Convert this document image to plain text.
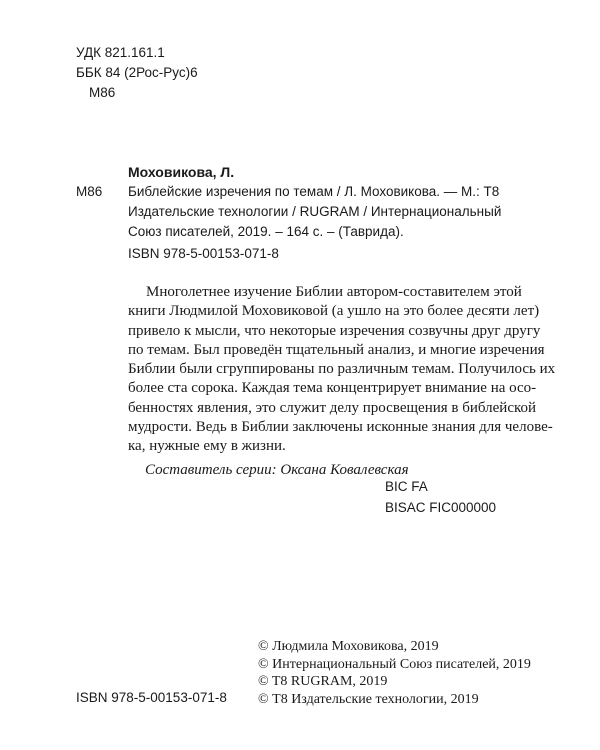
УДК 821.161.1
ББК 84 (2Рос-Рус)6
М86
Моховикова, Л.
М86 Библейские изречения по темам / Л. Моховикова. — М.: Т8
Издательские технологии / RUGRAM / Интернациональный
Союз писателей, 2019. – 164 с. – (Таврида).
ISBN 978-5-00153-071-8
Многолетнее изучение Библии автором-составителем этой
книги Людмилой Моховиковой (а ушло на это более десяти лет)
привело к мысли, что некоторые изречения созвучны друг другу
по темам. Был проведён тщательный анализ, и многие изречения
Библии были сгруппированы по различным темам. Получилось их
более ста сорока. Каждая тема концентрирует внимание на осо-
бенностях явления, это служит делу просвещения в библейской
мудрости. Ведь в Библии заключены исконные знания для челове-
ка, нужные ему в жизни.
Составитель серии: Оксана Ковалевская
BIC FA
BISAC FIC000000
ISBN 978-5-00153-071-8
© Людмила Моховикова, 2019
© Интернациональный Союз писателей, 2019
© T8 RUGRAM, 2019
© Т8 Издательские технологии, 2019
